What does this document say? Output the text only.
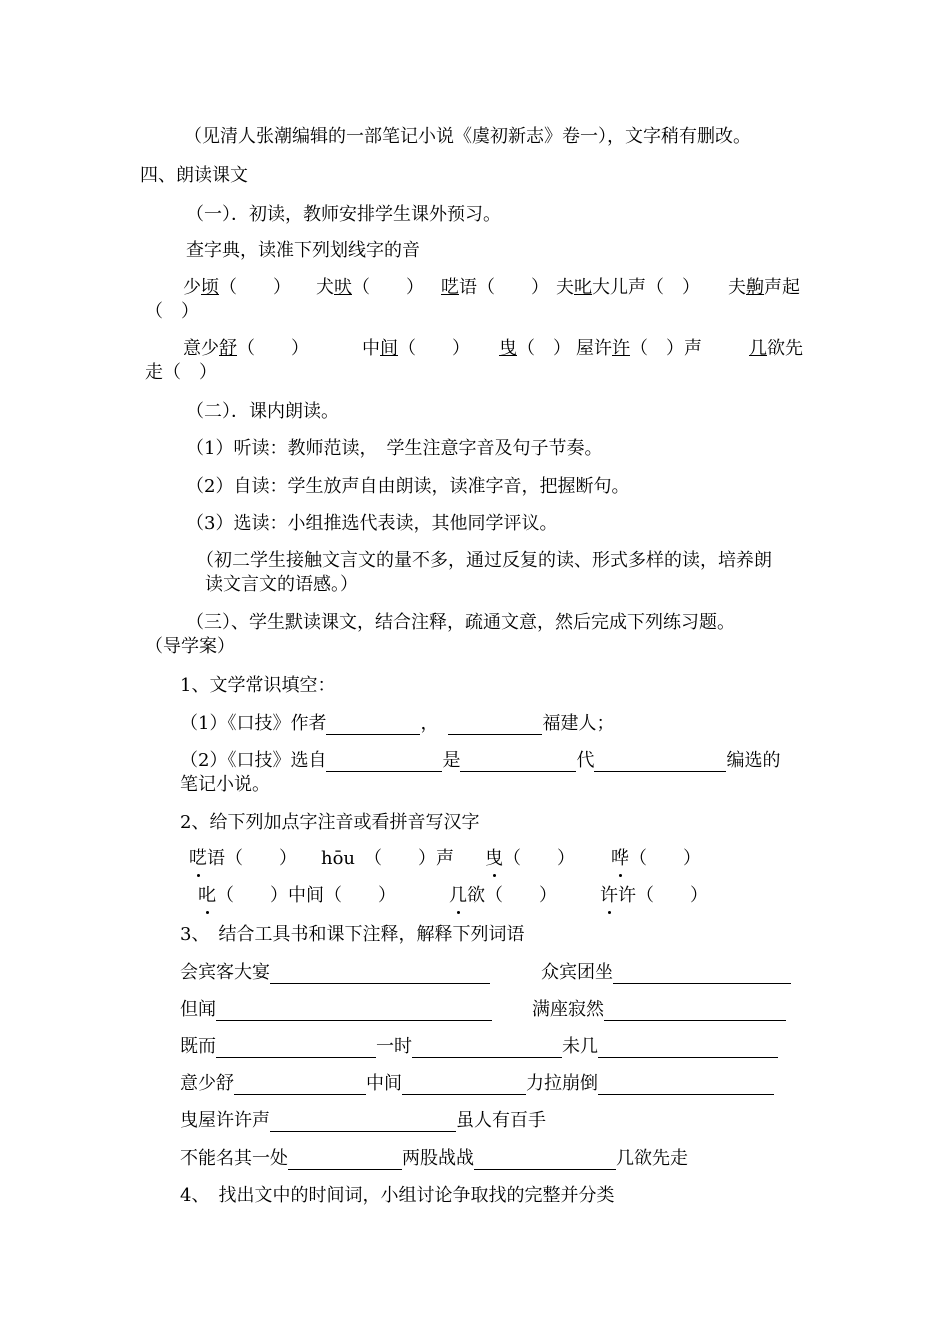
（见清人张潮编辑的一部笔记小说《虞初新志》卷一），文字稍有删改。
四、朗读课文
（一）．初读，教师安排学生课外预习。
查字典，读准下列划线字的音
少顷（　　） 犬吠（　　） 呓语（　　） 夫叱大儿声（　） 夫齁声起
（　）
意少舒（　　）	中间（　　） 曳（　） 屋许许（　）声	几欲先
走（　）
（二）．课内朗读。
（1）听读：教师范读，　学生注意字音及句子节奏。
（2）自读：学生放声自由朗读，读准字音，把握断句。
（3）选读：小组推选代表读，其他同学评议。
（初二学生接触文言文的量不多，通过反复的读、形式多样的读，培养朗
读文言文的语感。）
（三）、学生默读课文，结合注释，疏通文意，然后完成下列练习题。
（导学案）
1、文学常识填空：
（1）《口技》作者	，	福建人；
（2）《口技》选自	是	代	编选的
笔记小说。
2、给下列加点字注音或看拼音写汉字
呓语（　　） hōu　（　　）声 曳（　　） 哗（　　）
叱（　　）中间（　　）	几欲（　　） 许许（　　）
3、　结合工具书和课下注释，解释下列词语
会宾客大宴	众宾团坐
但闻	满座寂然
既而	一时	未几
意少舒	中间	力拉崩倒
曳屋许许声	虽人有百手
不能名其一处	两股战战	几欲先走
4、　找出文中的时间词，小组讨论争取找的完整并分类
